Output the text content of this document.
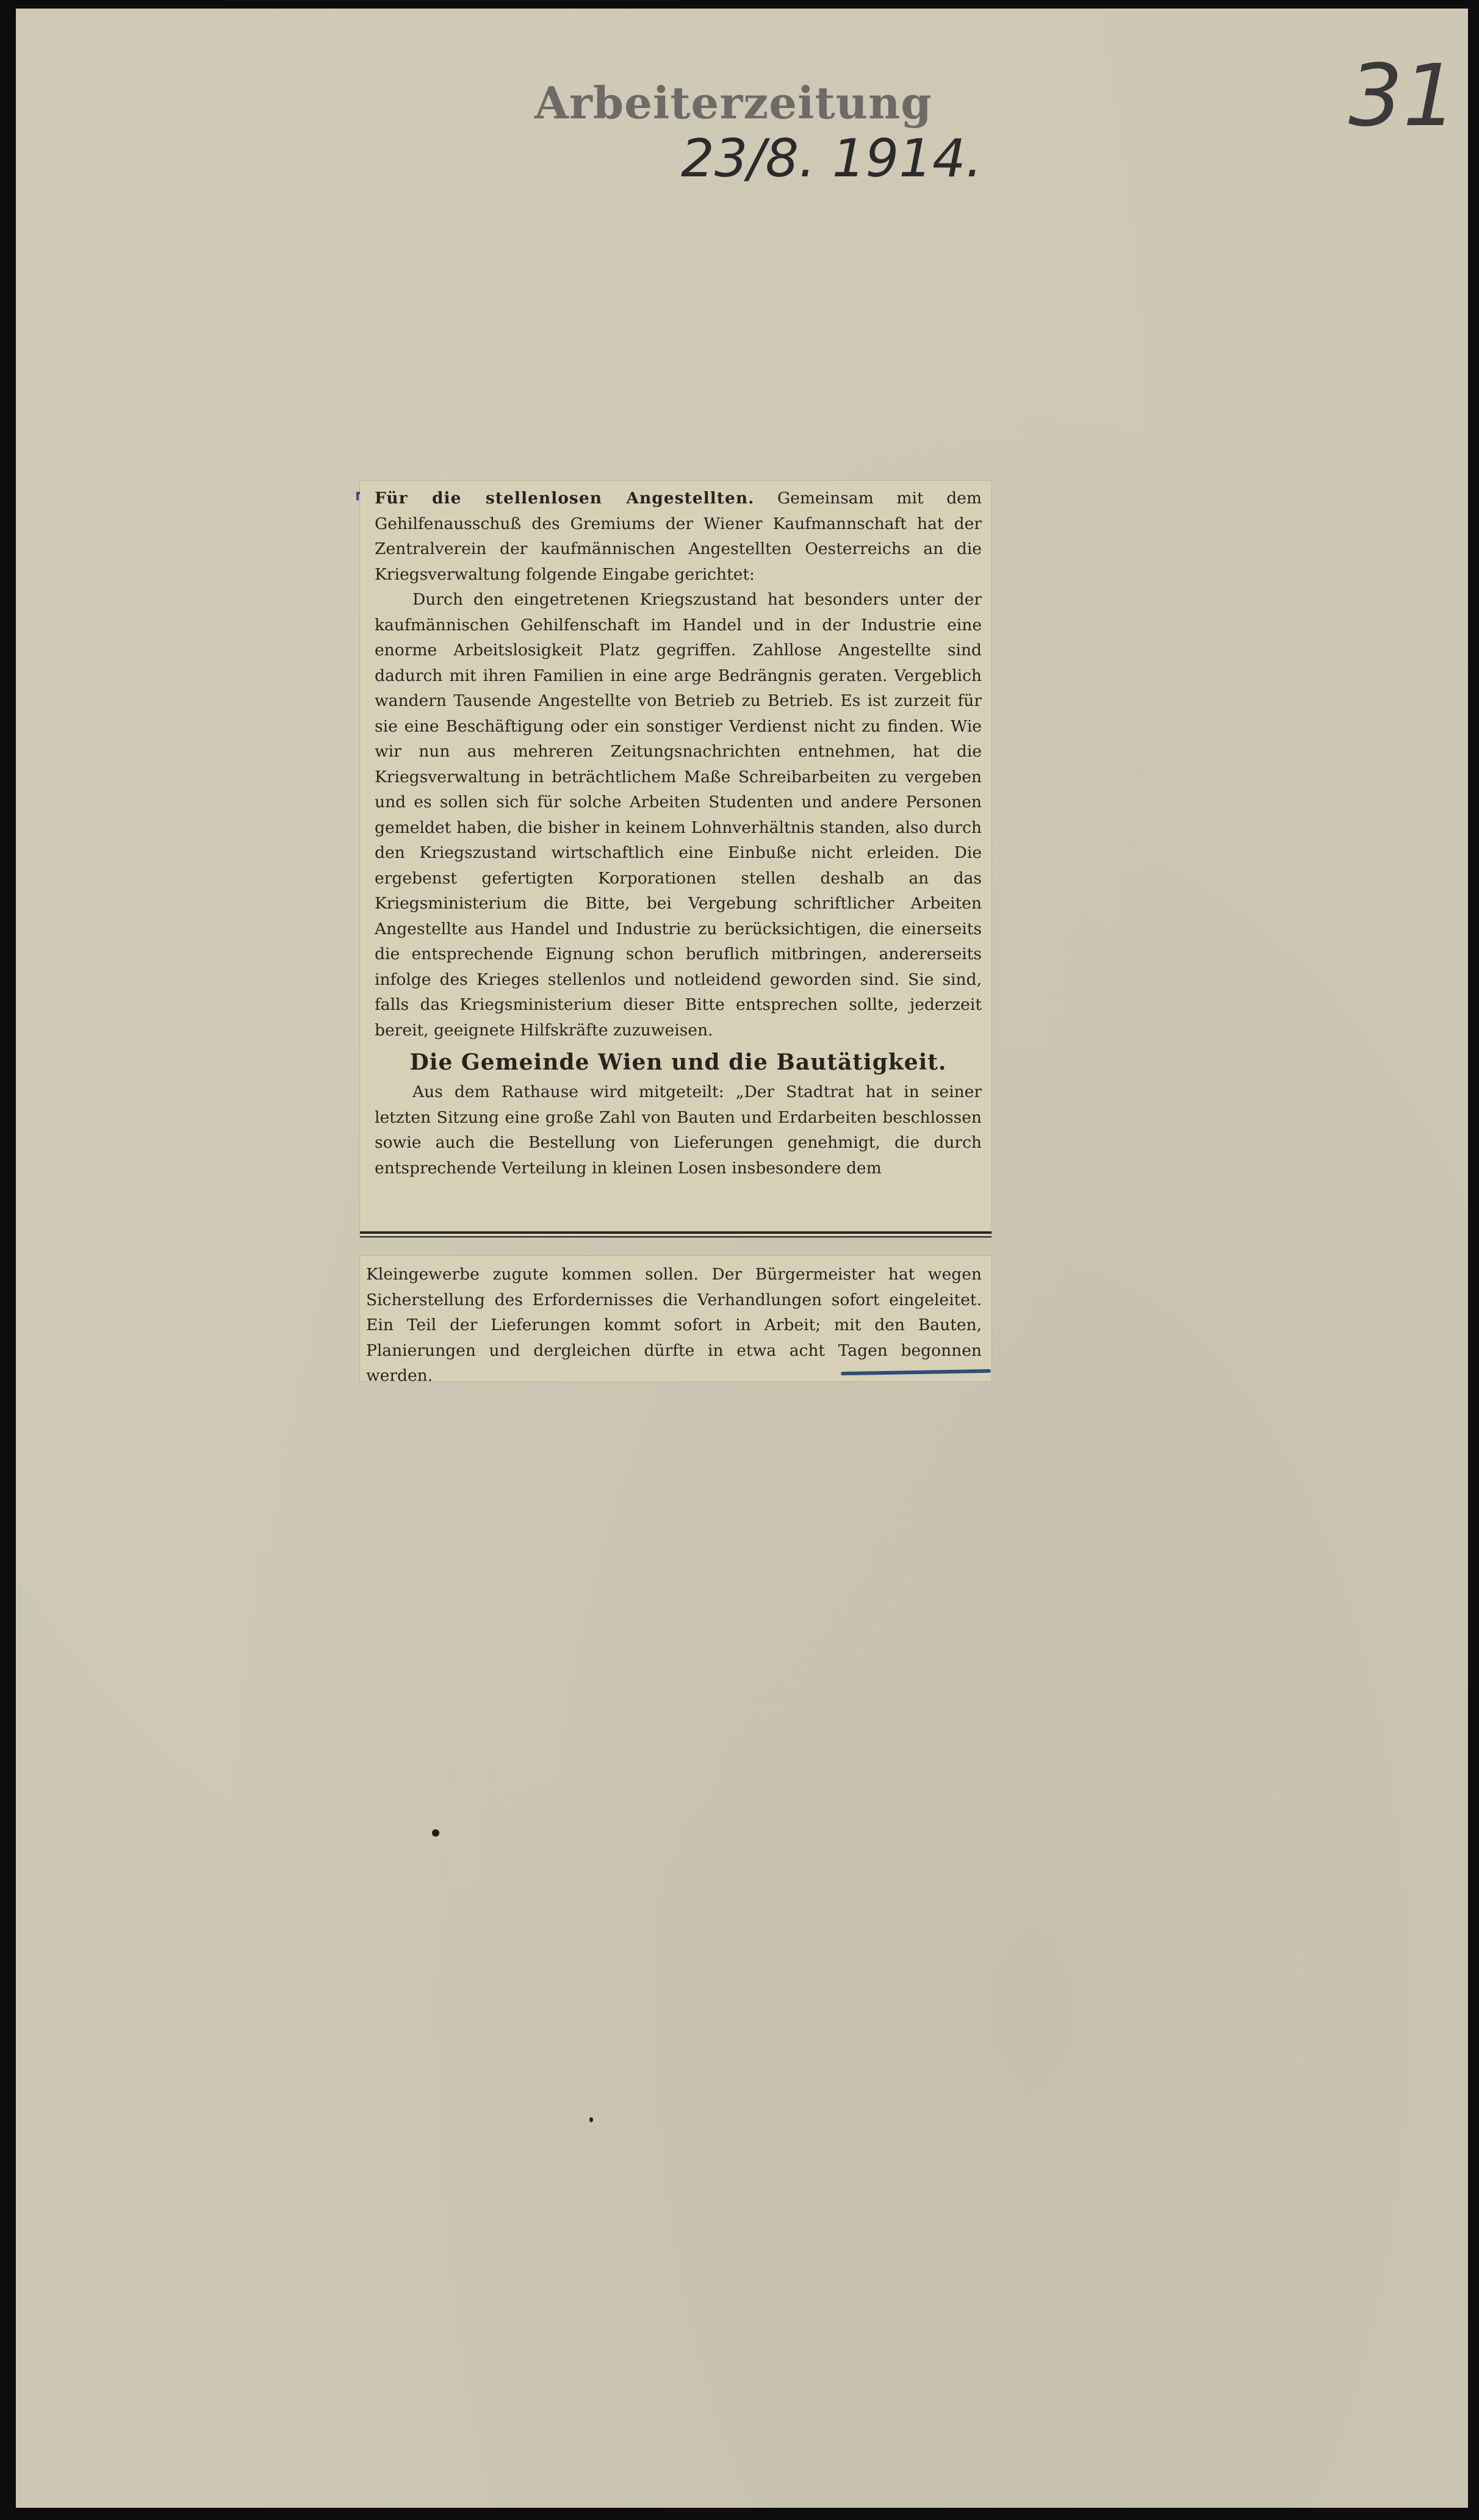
Arbeiterzeitung
23/8. 1914.
31

Für die stellenlosen Angestellten. Gemeinsam mit dem Gehilfenausschuß des Gremiums der Wiener Kaufmannschaft hat der Zentralverein der kaufmännischen Angestellten Oesterreichs an die Kriegsverwaltung folgende Eingabe gerichtet:

Durch den eingetretenen Kriegszustand hat besonders unter der kaufmännischen Gehilfenschaft im Handel und in der Industrie eine enorme Arbeitslosigkeit Platz gegriffen. Zahllose Angestellte sind dadurch mit ihren Familien in eine arge Bedrängnis geraten. Vergeblich wandern Tausende Angestellte von Betrieb zu Betrieb. Es ist zurzeit für sie eine Beschäftigung oder ein sonstiger Verdienst nicht zu finden. Wie wir nun aus mehreren Zeitungsnachrichten entnehmen, hat die Kriegsverwaltung in beträchtlichem Maße Schreibarbeiten zu vergeben und es sollen sich für solche Arbeiten Studenten und andere Personen gemeldet haben, die bisher in keinem Lohnverhältnis standen, also durch den Kriegszustand wirtschaftlich eine Einbuße nicht erleiden. Die ergebenst gefertigten Korporationen stellen deshalb an das Kriegsministerium die Bitte, bei Vergebung schriftlicher Arbeiten Angestellte aus Handel und Industrie zu berücksichtigen, die einerseits die entsprechende Eignung schon beruflich mitbringen, andererseits infolge des Krieges stellenlos und notleidend geworden sind. Sie sind, falls das Kriegsministerium dieser Bitte entsprechen sollte, jederzeit bereit, geeignete Hilfskräfte zuzuweisen.

Die Gemeinde Wien und die Bautätigkeit.

Aus dem Rathause wird mitgeteilt: „Der Stadtrat hat in seiner letzten Sitzung eine große Zahl von Bauten und Erdarbeiten beschlossen sowie auch die Bestellung von Lieferungen genehmigt, die durch entsprechende Verteilung in kleinen Losen insbesondere dem

Kleingewerbe zugute kommen sollen. Der Bürgermeister hat wegen Sicherstellung des Erfordernisses die Verhandlungen sofort eingeleitet. Ein Teil der Lieferungen kommt sofort in Arbeit; mit den Bauten, Planierungen und dergleichen dürfte in etwa acht Tagen begonnen werden.
